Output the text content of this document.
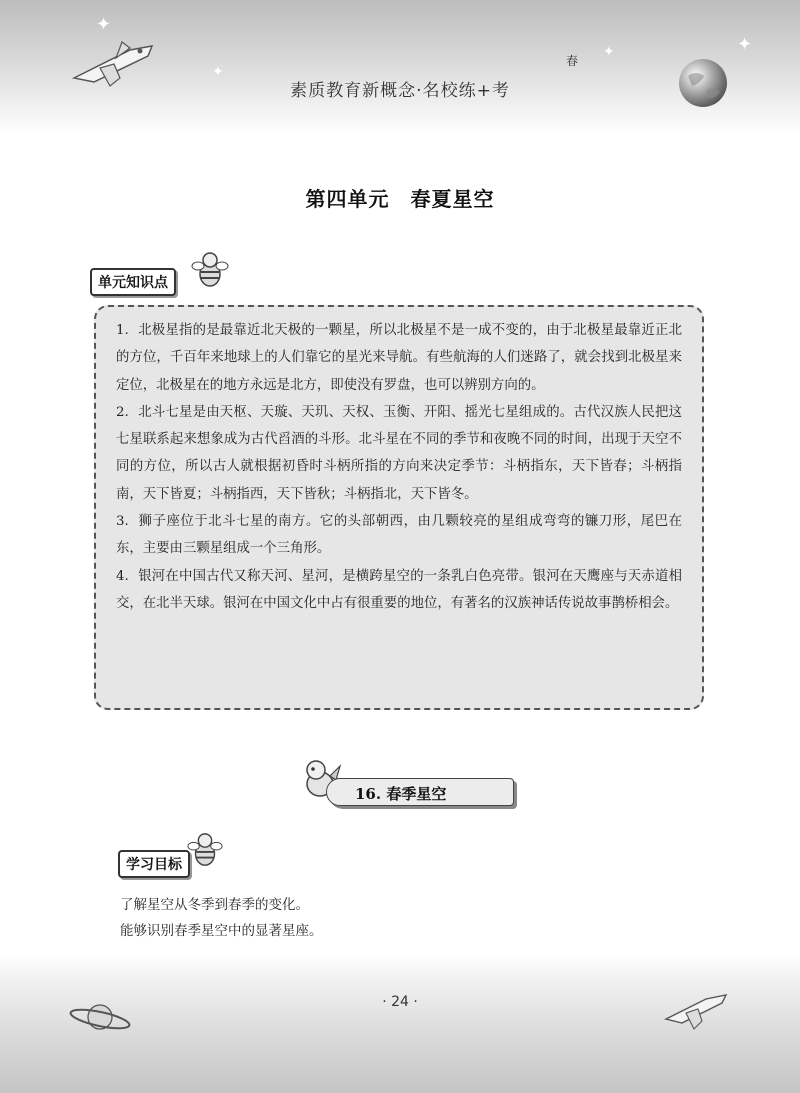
✦
✦
✦	✦
春
素质教育新概念·名校练+考
第四单元　春夏星空
单元知识点

1. 北极星指的是最靠近北天极的一颗星，所以北极星不是一成不变的，由于北极星最靠近正北的方位，千百年来地球上的人们靠它的星光来导航。有些航海的人们迷路了，就会找到北极星来定位，北极星在的地方永远是北方，即使没有罗盘，也可以辨别方向的。

2. 北斗七星是由天枢、天璇、天玑、天权、玉衡、开阳、摇光七星组成的。古代汉族人民把这七星联系起来想象成为古代舀酒的斗形。北斗星在不同的季节和夜晚不同的时间，出现于天空不同的方位，所以古人就根据初昏时斗柄所指的方向来决定季节：斗柄指东，天下皆春；斗柄指南，天下皆夏；斗柄指西，天下皆秋；斗柄指北，天下皆冬。

3. 狮子座位于北斗七星的南方。它的头部朝西，由几颗较亮的星组成弯弯的镰刀形，尾巴在东，主要由三颗星组成一个三角形。

4. 银河在中国古代又称天河、星河，是横跨星空的一条乳白色亮带。银河在天鹰座与天赤道相交，在北半天球。银河在中国文化中占有很重要的地位，有著名的汉族神话传说故事鹊桥相会。

16. 春季星空
学习目标
了解星空从冬季到春季的变化。
能够识别春季星空中的显著星座。
· 24 ·
